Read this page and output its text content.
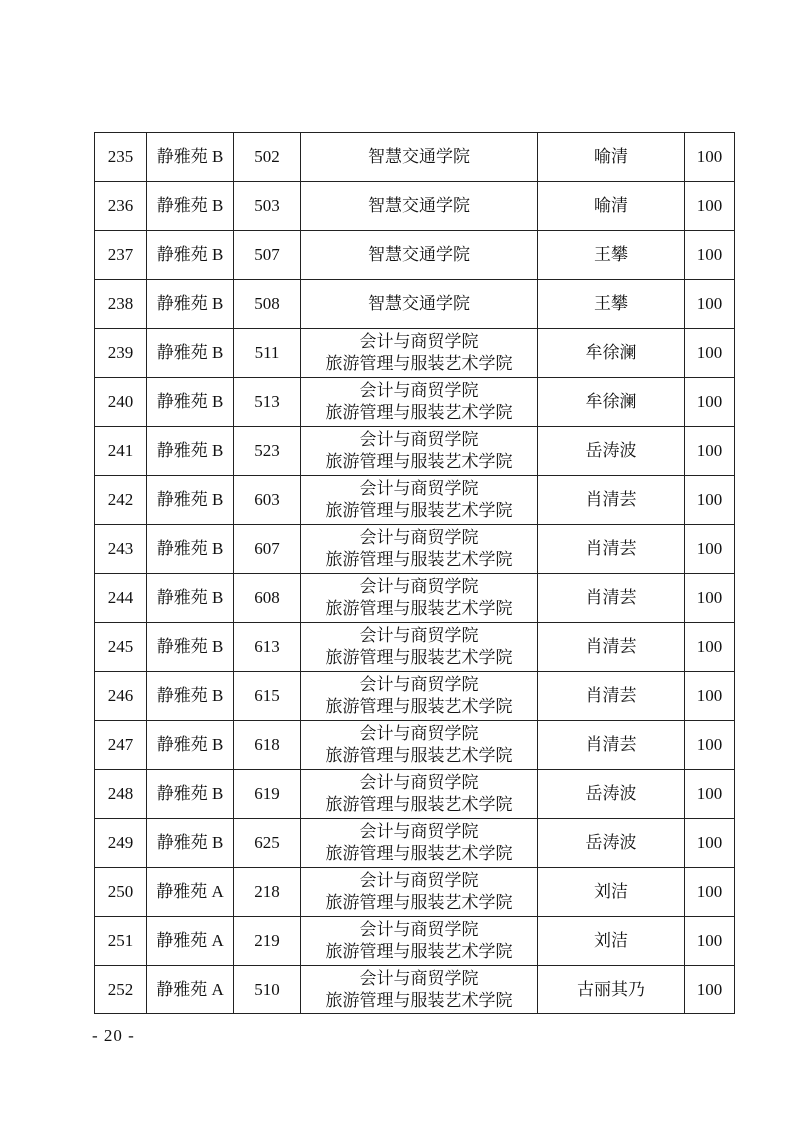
235	静雅苑 B	502	智慧交通学院	喻清	100
236	静雅苑 B	503	智慧交通学院	喻清	100
237	静雅苑 B	507	智慧交通学院	王攀	100
238	静雅苑 B	508	智慧交通学院	王攀	100
239	静雅苑 B	511	会计与商贸学院
旅游管理与服装艺术学院	牟徐澜	100
240	静雅苑 B	513	会计与商贸学院
旅游管理与服装艺术学院	牟徐澜	100
241	静雅苑 B	523	会计与商贸学院
旅游管理与服装艺术学院	岳涛波	100
242	静雅苑 B	603	会计与商贸学院
旅游管理与服装艺术学院	肖清芸	100
243	静雅苑 B	607	会计与商贸学院
旅游管理与服装艺术学院	肖清芸	100
244	静雅苑 B	608	会计与商贸学院
旅游管理与服装艺术学院	肖清芸	100
245	静雅苑 B	613	会计与商贸学院
旅游管理与服装艺术学院	肖清芸	100
246	静雅苑 B	615	会计与商贸学院
旅游管理与服装艺术学院	肖清芸	100
247	静雅苑 B	618	会计与商贸学院
旅游管理与服装艺术学院	肖清芸	100
248	静雅苑 B	619	会计与商贸学院
旅游管理与服装艺术学院	岳涛波	100
249	静雅苑 B	625	会计与商贸学院
旅游管理与服装艺术学院	岳涛波	100
250	静雅苑 A	218	会计与商贸学院
旅游管理与服装艺术学院	刘洁	100
251	静雅苑 A	219	会计与商贸学院
旅游管理与服装艺术学院	刘洁	100
252	静雅苑 A	510	会计与商贸学院
旅游管理与服装艺术学院	古丽其乃	100
- 20 -
